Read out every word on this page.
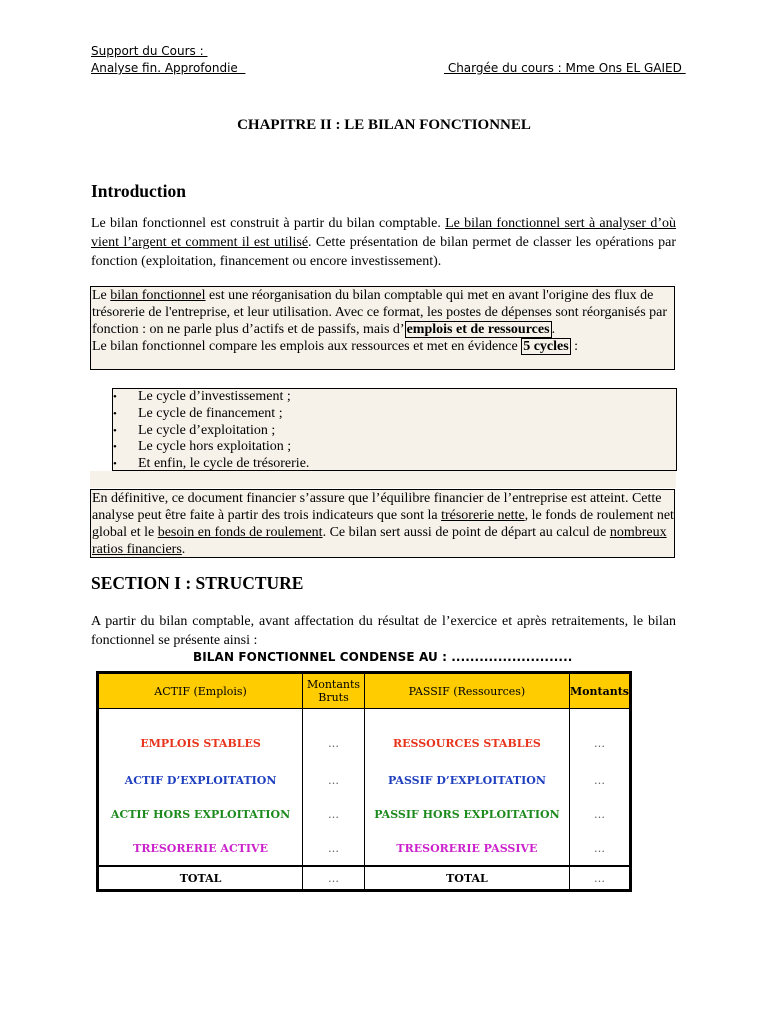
Support du Cours :
Analyse fin. Approfondie	Chargée du cours : Mme Ons EL GAIED
CHAPITRE II : LE BILAN FONCTIONNEL
Introduction
Le bilan fonctionnel est construit à partir du bilan comptable. Le bilan fonctionnel sert à analyser d’où vient l’argent et comment il est utilisé. Cette présentation de bilan permet de classer les opérations par fonction (exploitation, financement ou encore investissement).
Le bilan fonctionnel est une réorganisation du bilan comptable qui met en avant l'origine des flux de trésorerie de l'entreprise, et leur utilisation. Avec ce format, les postes de dépenses sont réorganisés par fonction : on ne parle plus d’actifs et de passifs, mais d’ emplois et de ressources .
Le bilan fonctionnel compare les emplois aux ressources et met en évidence 5 cycles :
• Le cycle d’investissement ;
• Le cycle de financement ;
• Le cycle d’exploitation ;
• Le cycle hors exploitation ;
• Et enfin, le cycle de trésorerie.
En définitive, ce document financier s’assure que l’équilibre financier de l’entreprise est atteint. Cette analyse peut être faite à partir des trois indicateurs que sont la trésorerie nette, le fonds de roulement net global et le besoin en fonds de roulement. Ce bilan sert aussi de point de départ au calcul de nombreux ratios financiers.
SECTION I : STRUCTURE
A partir du bilan comptable, avant affectation du résultat de l’exercice et après retraitements, le bilan fonctionnel se présente ainsi :
BILAN FONCTIONNEL CONDENSE AU : ..........................
ACTIF (Emplois)	Montants Bruts	PASSIF (Ressources)	Montants
EMPLOIS STABLES	…	RESSOURCES STABLES	…
ACTIF D’EXPLOITATION	…	PASSIF D’EXPLOITATION	…
ACTIF HORS EXPLOITATION	…	PASSIF HORS EXPLOITATION	…
TRESORERIE ACTIVE	…	TRESORERIE PASSIVE	…
TOTAL	…	TOTAL	…
